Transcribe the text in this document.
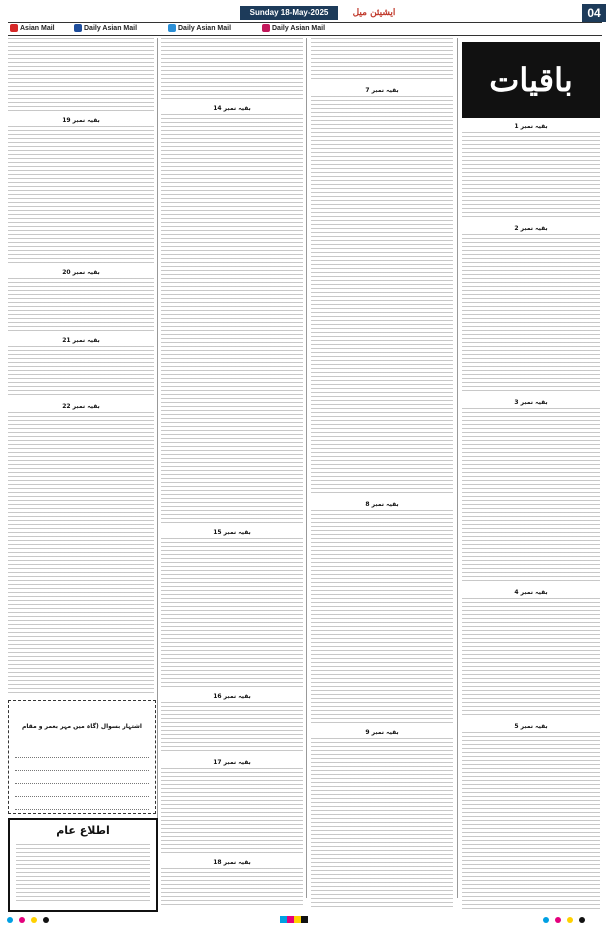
Sunday 18-May-2025	ایشیئن میل	04
Asian Mail	Daily Asian Mail	Daily Asian Mail	Daily Asian Mail
باقیات
بقیہ نمبر 1
بقیہ نمبر 2
بقیہ نمبر 3
بقیہ نمبر 4
بقیہ نمبر 5
بقیہ نمبر 7
بقیہ نمبر 8
بقیہ نمبر 9
بقیہ نمبر 14
بقیہ نمبر 15
بقیہ نمبر 16
بقیہ نمبر 17
بقیہ نمبر 18
بقیہ نمبر 19
بقیہ نمبر 20
بقیہ نمبر 21
بقیہ نمبر 22
اشتہار بسوال (گاہ میں مہر بعمر و مقام
اطلاع عام
